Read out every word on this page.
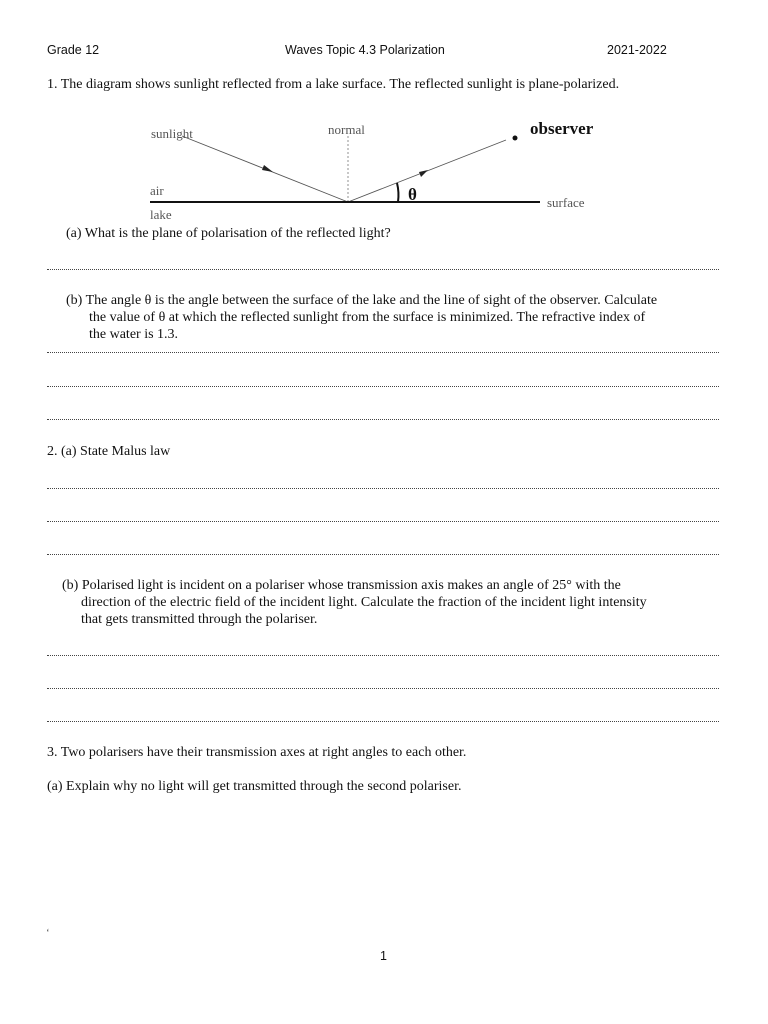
Grade 12	Waves Topic 4.3 Polarization	2021-2022
1. The diagram shows sunlight reflected from a lake surface. The reflected sunlight is plane-polarized.
sunlight	normal	observer
air
lake
surface
θ
(a) What is the plane of polarisation of the reflected light?
(b) The angle θ is the angle between the surface of the lake and the line of sight of the observer. Calculate
the value of θ at which the reflected sunlight from the surface is minimized. The refractive index of
the water is 1.3.
2. (a) State Malus law
(b) Polarised light is incident on a polariser whose transmission axis makes an angle of 25° with the
direction of the electric field of the incident light. Calculate the fraction of the incident light intensity
that gets transmitted through the polariser.
3. Two polarisers have their transmission axes at right angles to each other.
(a) Explain why no light will get transmitted through the second polariser.
‘
1
